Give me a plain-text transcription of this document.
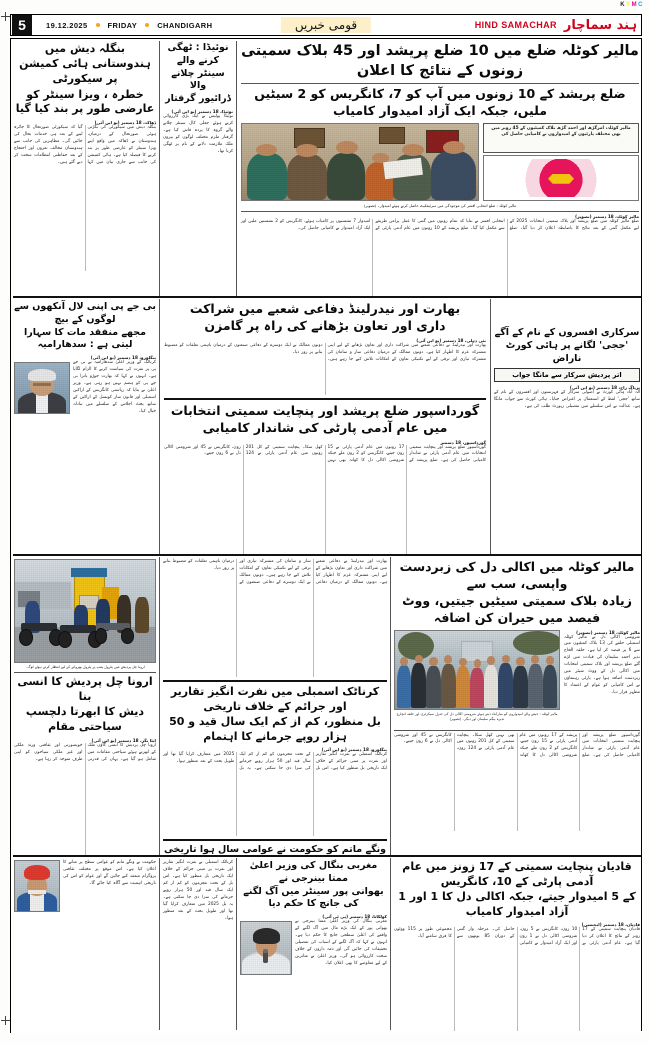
C
M
Y
K
5	19.12.2025	FRIDAY	CHANDIGARH	قومی خبریں	HIND SAMACHAR ہند سماچار
بنگلہ دیش میں ہندوستانی ہائی کمیشن پر سیکورٹی
خطرہ ، ویزا سینٹر کو عارضی طور پر بند کیا گیا
ڈھاکہ، 18 دسمبر (یو این آئی)
بنگلہ دیش میں سیکورٹی کی بگڑتی ہوئی صورتحال کے درمیان، ہندوستان نے ڈھاکہ میں واقع اپنے ویزا سینٹر کو عارضی طور پر بند کرنے کا فیصلہ کیا ہے۔ ہائی کمیشن کی جانب سے جاری بیان میں کہا گیا کہ سیکورٹی صورتحال کا جائزہ لینے کے بعد ہی خدمات بحال کی جائیں گی۔ مظاہرین کی جانب سے ہندوستان مخالف نعروں اور احتجاج کے بعد حفاظتی انتظامات سخت کر دیے گئے ہیں۔
نوئیڈا : ٹھگی کرنے والے
سینٹر چلانے والا
ڈرائیور گرفتار
نوئیڈا، 18 دسمبر (یو این آئی)
نوئیڈا پولیس نے ایک بڑی کارروائی کرتے ہوئے جعلی کال سینٹر چلانے والے گروہ کا پردہ فاش کیا ہے۔ گرفتار ملزم مختلف لوگوں کو بیرون ملک ملازمت دلانے کے نام پر ٹھگی کرتا تھا۔
مالیر کوٹلہ ضلع میں 10 ضلع پریشد اور 45 بلاک سمیتی زونوں کے نتائج کا اعلان
ضلع پریشد کے 10 زونوں میں آپ کو 7، کانگریس کو 2 سیٹیں ملیں، جبکہ ایک آزاد امیدوار کامیاب
مالیر کوٹلہ، امرگڑھ اور احمد گڑھ بلاک کمیٹیوں کے 45 زونز میں بھی مختلف پارٹیوں کے امیدواروں نے کامیابی حاصل کی
مالیر کوٹلہ : ضلع انتخابی افسر کی موجودگی میں سرٹیفکیٹ حاصل کرتے ہوئے امیدوار۔ (تصویر)
مالیر کوٹلہ، 18 دسمبر (تصویر)
ضلع مالیر کوٹلہ میں ضلع پریشد اور بلاک سمیتی انتخابات 2025 کے لیے مکمل گنتی کے بعد نتائج کا باضابطہ اعلان کر دیا گیا۔ ضلع انتخابی افسر نے بتایا کہ تمام زونوں میں گنتی کا عمل پرامن طریقے سے مکمل کیا گیا۔ ضلع پریشد کے 10 زونوں میں عام آدمی پارٹی کے امیدوار 7 نشستوں پر کامیاب ہوئے، کانگریس کو 2 نشستیں ملیں اور ایک آزاد امیدوار نے کامیابی حاصل کی۔
بی جے پی اپنی لال آنکھوں سے لوگوں کے بیچ
مجھے منفقد مات کا سہارا لیتی ہے : سدھارامیہ
بنگلورو، 18 دسمبر (یو این آئی)
کرناٹک کے وزیر اعلیٰ سدھارامیہ نے بی جے پی پر نفرت کی سیاست کرنے کا الزام لگایا ہے۔ انہوں نے کہا کہ بھارت جوڑو یاترا بی جے پی کو ہضم نہیں ہو رہی ہے۔ وزیر اعلیٰ نے بتایا کہ ریاستی کانگریس کے اراکین اسمبلی اور قانون ساز کونسل کے اراکین کے ساتھ بجٹ اجلاس کے سلسلے میں تبادلہ خیال کیا۔
بھارت اور نیدرلینڈ دفاعی شعبے میں شراکت
داری اور تعاون بڑھانے کی راہ پر گامزن
نئی دہلی، 18 دسمبر (یو این آئی)
بھارت اور نیدرلینڈ نے دفاعی شعبے میں شراکت داری اور تعاون بڑھانے کے لیے اپنی مشترکہ عزم کا اظہار کیا ہے۔ دونوں ممالک کے درمیان دفاعی ساز و سامان کی مشترکہ تیاری اور ترقی کے لیے تکنیکی تعاون کے امکانات تلاش کیے جا رہے ہیں۔ دونوں ممالک نے ایک دوسرے کے دفاعی صنعتوں کے درمیان باہمی تعلقات کو مضبوط بنانے پر زور دیا۔
گورداسپور ضلع پریشد اور پنچایت سمیتی انتخابات
میں عام آدمی پارٹی کی شاندار کامیابی
گورداسپور، 18 دسمبر
گورداسپور ضلع پریشد اور پنچایت سمیتی انتخابات میں عام آدمی پارٹی نے شاندار کامیابی حاصل کی ہے۔ ضلع پریشد کے 17 زونوں میں عام آدمی پارٹی نے 15 زون جیتے، کانگریس کو 2 زون ملے جبکہ شرومنی اکالی دل کا کھاتہ بھی نہیں کھل سکا۔ پنچایت سمیتی کے کل 201 زونوں میں عام آدمی پارٹی نے 124 زون، کانگریس نے 45 اور شرومنی اکالی دل نے 6 زون جیتے۔

سرکاری افسروں کے نام کے آگے
'ججی' لگانے پر ہائی کورٹ ناراض
اتر پردیش سرکار سے مانگا جواب
پریاگ راج، 18 دسمبر (یو این آئی)
الہ آباد ہائی کورٹ نے اصولی سرکار کے فہرستوں اور افسروں کے نام کے ساتھ 'ججی' لفظ کے استعمال پر اعتراض جتایا۔ ہائی کورٹ سے جواب مانگا ہے۔ عدالت نے اس سلسلے میں تفصیلی رپورٹ طلب کی ہے۔
ارونا چل پردیش میں پٹرول پمپ پر پٹرول بھروانے کے لیے انتظار کرتے ہوئے لوگ۔
ارونا چل پردیش کا انسی بنا
دیش کا ابھرتا دلچسپ سیاحتی مقام
ایٹا نگر، 18 دسمبر (یو این آئی)
ارونا چل پردیش کا انسی گاؤں ملک کے ابھرتے ہوئے سیاحتی مقامات میں شامل ہو گیا ہے۔ یہاں کی قدرتی خوبصورتی اور ثقافتی ورثہ ملکی اور غیر ملکی سیاحوں کو اپنی طرف متوجہ کر رہا ہے۔
بھارت اور نیدرلینڈ نے دفاعی شعبے میں شراکت داری اور تعاون بڑھانے کے لیے اپنی مشترکہ عزم کا اظہار کیا ہے۔ دونوں ممالک کے درمیان دفاعی ساز و سامان کی مشترکہ تیاری اور ترقی کے لیے تکنیکی تعاون کے امکانات تلاش کیے جا رہے ہیں۔ دونوں ممالک نے ایک دوسرے کے دفاعی صنعتوں کے درمیان باہمی تعلقات کو مضبوط بنانے پر زور دیا۔
کرناٹک اسمبلی میں نفرت انگیز تقاریر اور جرائم کے خلاف تاریخی
بل منظور، کم از کم ایک سال قید و 50 ہزار روپے جرمانے کا اہتمام
بنگلورو، 18 دسمبر (یو این آئی)
کرناٹک اسمبلی نے نفرت انگیز تقاریر اور نفرت پر مبنی جرائم کے خلاف ایک تاریخی بل منظور کیا ہے۔ اس بل کے تحت مجرموں کو کم از کم ایک سال قید اور 50 ہزار روپے جرمانے کی سزا دی جا سکتی ہے۔ یہ بل 2025 میں متعارف کرایا گیا تھا اور طویل بحث کے بعد منظور ہوا۔
ونگے ماتم کو حکومت نے عوامی سال ہوا تاریخی
مالیر کوٹلہ میں اکالی دل کی زبردست واپسی، سب سے
زیادہ بلاک سمیتی سیٹیں جیتیں، ووٹ فیصد میں حیران کن اضافہ
مالیر کوٹلہ، 18 دسمبر (تصویر)
شرومنی اکالی دل نے مالیر کوٹلہ اسمبلی حلقے کی 13 بلاک کمیٹیوں میں سے 6 پر قبضہ کر لیا ہے۔ حلقہ الحاج نذیر احمد سلیمان کی قیادت میں لڑے گئے ضلع پریشد اور بلاک سمیتی انتخابات میں اکالی دل کے ووٹ شیئر میں زبردست اضافہ ہوا ہے۔ پارٹی رہنماؤں نے اس کامیابی کو عوام کے اعتماد کا مظہر قرار دیا۔
مالیر کوٹلہ : جیتنے والے امیدواروں کو مبارکباد دیتے ہوئے شرومنی اکالی دل کی جنرل سیکرٹری اور حلقہ انچارج نذیرہ بیگم سلیمان اور دیگر۔ (تصویر)
گورداسپور ضلع پریشد اور پنچایت سمیتی انتخابات میں عام آدمی پارٹی نے شاندار کامیابی حاصل کی ہے۔ ضلع پریشد کے 17 زونوں میں عام آدمی پارٹی نے 15 زون جیتے، کانگریس کو 2 زون ملے جبکہ شرومنی اکالی دل کا کھاتہ بھی نہیں کھل سکا۔ پنچایت سمیتی کے کل 201 زونوں میں عام آدمی پارٹی نے 124 زون، کانگریس نے 45 اور شرومنی اکالی دل نے 6 زون جیتے۔
حکومت نے ونگے ماتم کو عوامی سطح پر منانے کا اعلان کیا ہے۔ اس موقع پر مختلف ثقافتی پروگرام منعقد کیے جائیں گے اور عوام کو اس کی تاریخی اہمیت سے آگاہ کیا جائے گا۔
کرناٹک اسمبلی نے نفرت انگیز تقاریر اور نفرت پر مبنی جرائم کے خلاف ایک تاریخی بل منظور کیا ہے۔ اس بل کے تحت مجرموں کو کم از کم ایک سال قید اور 50 ہزار روپے جرمانے کی سزا دی جا سکتی ہے۔ یہ بل 2025 میں متعارف کرایا گیا تھا اور طویل بحث کے بعد منظور ہوا۔
مغربی بنگال کی وزیر اعلیٰ ممتا بینرجی نے
بھوانی پور سینٹر میں آگ لگنے کی جانچ کا حکم دیا
کولکاتا، 18 دسمبر (پی ٹی آئی)
مغربی بنگال کی وزیر اعلیٰ ممتا بینرجی نے بھوانی پور کے ایک بڑے مال میں آگ لگنے کے واقعے کی اعلیٰ سطحی جانچ کا حکم دیا ہے۔ انہوں نے کہا کہ آگ لگنے کے اسباب کی تفصیلی تحقیقات کی جائیں گی اور ذمہ داروں کے خلاف سخت کارروائی ہو گی۔ وزیر اعلیٰ نے متاثرین کے لیے معاوضے کا بھی اعلان کیا۔
قادیان پنچایت سمیتی کے 17 زونز میں عام آدمی پارٹی کے 10، کانگریس
کے 5 امیدوار جیتے، جبکہ اکالی دل کا 1 اور 1 آزاد امیدوار کامیاب
قادیان، 18 دسمبر (ایجنسی)
قادیان پنچایت سمیتی کے 17 زونز کے نتائج کا اعلان کر دیا گیا ہے۔ عام آدمی پارٹی نے 10 زون، کانگریس نے 5 زون، شرومنی اکالی دل نے 1 زون اور ایک آزاد امیدوار نے کامیابی حاصل کی۔ مرحلہ وار گنتی کے دوران 85 بوتھوں سے مجموعی طور پر 115 ووٹوں کا فرق سامنے آیا۔
